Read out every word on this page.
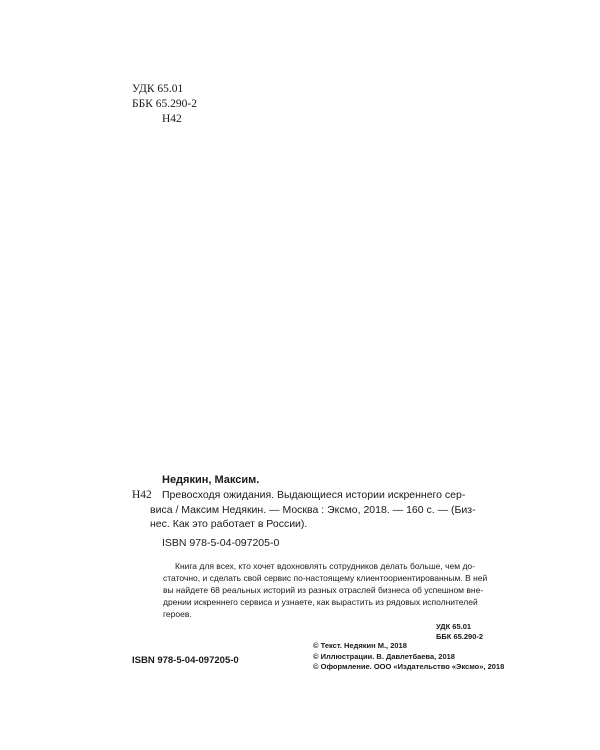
УДК 65.01
ББК 65.290-2
Н42
Недякин, Максим.
Н42 Превосходя ожидания. Выдающиеся истории искреннего сер-
виса / Максим Недякин. — Москва : Эксмо, 2018. — 160 с. — (Биз-
нес. Как это работает в России).
ISBN 978-5-04-097205-0
Книга для всех, кто хочет вдохновлять сотрудников делать больше, чем до-
статочно, и сделать свой сервис по-настоящему клиентоориентированным. В ней
вы найдете 68 реальных историй из разных отраслей бизнеса об успешном вне-
дрении искреннего сервиса и узнаете, как вырастить из рядовых исполнителей
героев.
УДК 65.01
ББК 65.290-2
ISBN 978-5-04-097205-0
© Текст. Недякин М., 2018
© Иллюстрации. В. Давлетбаева, 2018
© Оформление. ООО «Издательство «Эксмо», 2018
